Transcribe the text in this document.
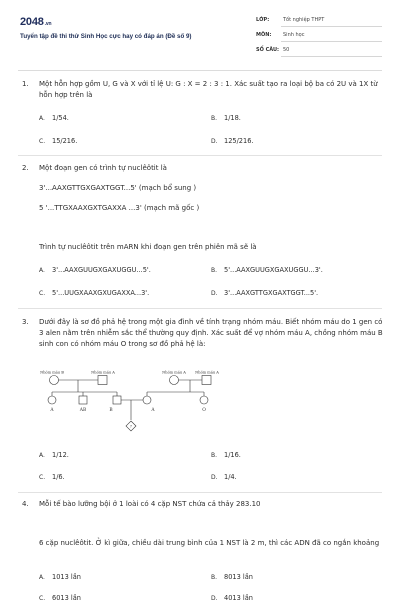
2048.vn
Tuyển tập đề thi thử Sinh Học cực hay có đáp án (Đề số 9)
LỚP:	Tốt nghiệp THPT
MÔN: Sinh học
SỐ CÂU: 50
1. Một hỗn hợp gồm U, G và X với tỉ lệ U: G : X = 2 : 3 : 1. Xác suất tạo ra loại bộ ba có 2U và 1X từ hỗn hợp trên là
A. 1/54.	B. 1/18.
C. 15/216.	D. 125/216.
2. Một đoạn gen có trình tự nuclêôtit là
3'...AAXGTTGXGAXTGGT...5' (mạch bổ sung )
5 '...TTGXAAXGXTGAXXA ...3' (mạch mã gốc )
Trình tự nuclêôtit trên mARN khi đoạn gen trên phiên mã sẽ là
A. 3'...AAXGUUGXGAXUGGU...5'.	B. 5'...AAXGUUGXGAXUGGU...3'.
C. 5'...UUGXAAXGXUGAXXA...3'.	D. 3'...AAXGTTGXGAXTGGT...5'.
3. Dưới đây là sơ đồ phả hệ trong một gia đình về tính trạng nhóm máu. Biết nhóm máu do 1 gen có 3 alen nằm trên nhiễm sắc thể thường quy định. Xác suất để vợ nhóm máu A, chồng nhóm máu B sinh con có nhóm máu O trong sơ đồ phả hệ là:
Nhóm máu B	Nhóm máu A	Nhóm máu A	Nhóm máu A
A	AB	B	A	O
?
A. 1/12.	B. 1/16.
C. 1/6.	D. 1/4.
4. Mỗi tế bào lưỡng bội ở 1 loài có 4 cặp NST chứa cả thảy 283.10
6 cặp nuclêôtit. Ở kì giữa, chiều dài trung bình của 1 NST là 2 m, thì các ADN đã co ngắn khoảng
A. 1013 lần	B. 8013 lần
C. 6013 lần	D. 4013 lần
